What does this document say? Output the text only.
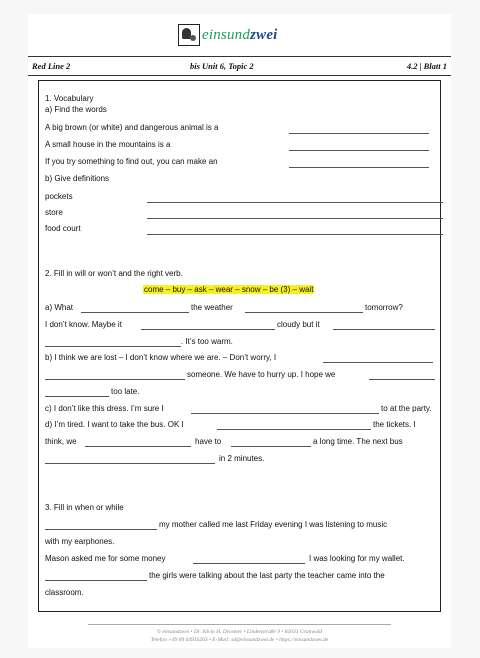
einsundzwei
Red Line 2	bis Unit 6, Topic 2	4.2 | Blatt 1
1. Vocabulary
a) Find the words
A big brown (or white) and dangerous animal is a
A small house in the mountains is a
If you try something to find out, you can make an
b) Give definitions
pockets
store
food court
2. Fill in will or won’t and the right verb.
come – buy – ask – wear – snow – be (3) – wait
a) What	the weather	tomorrow?
I don’t know. Maybe it	cloudy but it
. It’s too warm.
b) I think we are lost – I don’t know where we are. – Don’t worry, I
someone. We have to hurry up. I hope we
too late.
c) I don’t like this dress. I’m sure I	to at the party.
d) I’m tired. I want to take the bus. OK I	the tickets. I
think, we	have to	a long time. The next bus
in 2 minutes.
3. Fill in when or while
my mother called me last Friday evening I was listening to music
with my earphones.
Mason asked me for some money	I was looking for my wallet.
the girls were talking about the last party the teacher came into the
classroom.
© einsundzwei • Dr. Silvio H. Drosmer • Lindenstraße 9 • 82031 Grünwald
Telefon +49 89 64916263 • E-Mail: sd@einsundzwei.de • https://einsundzwei.de
